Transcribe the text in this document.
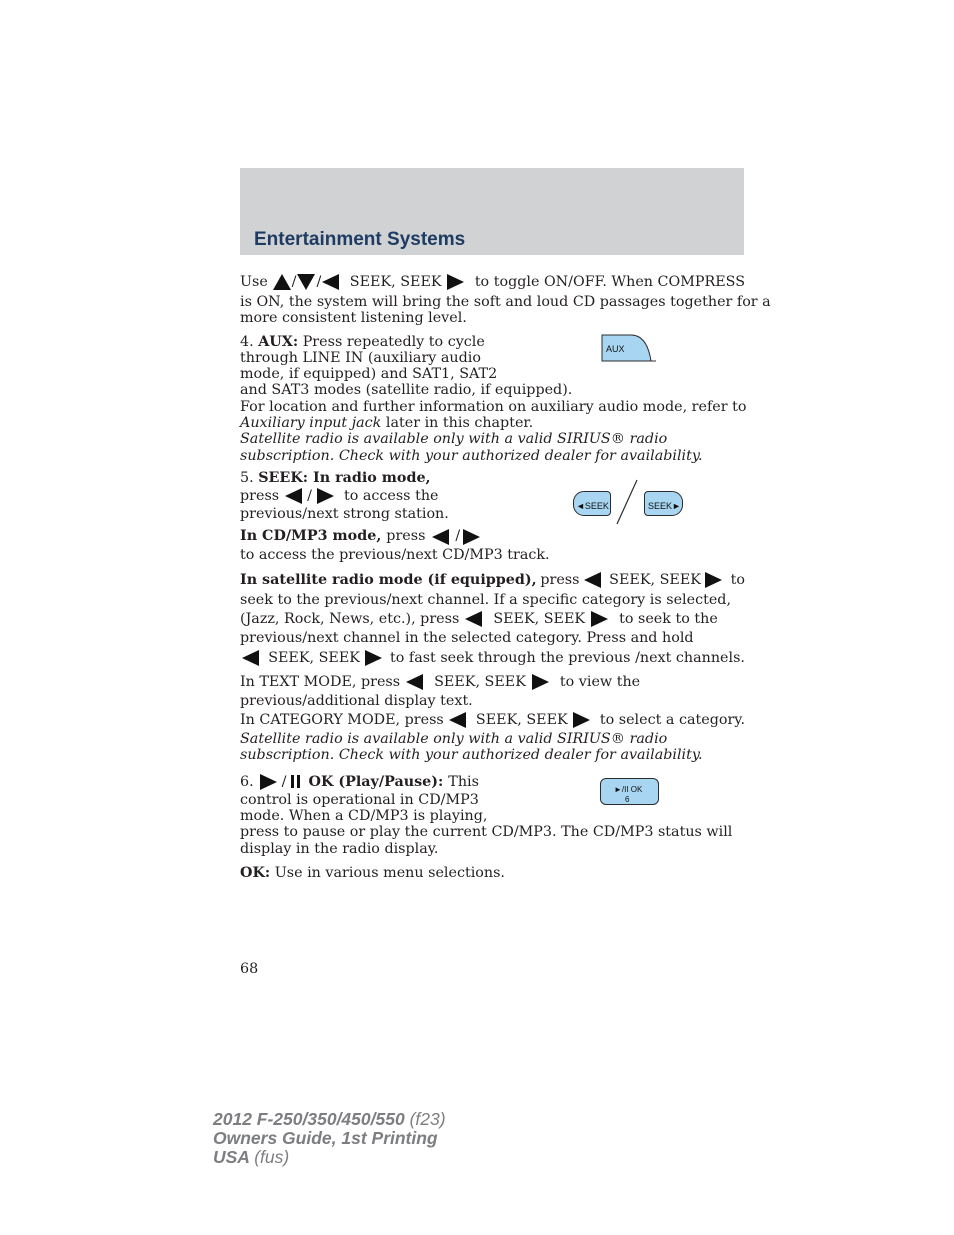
Entertainment Systems
Use / / SEEK, SEEK to toggle ON/OFF. When COMPRESS
is ON, the system will bring the soft and loud CD passages together for a
more consistent listening level.
4. AUX: Press repeatedly to cycle
through LINE IN (auxiliary audio
mode, if equipped) and SAT1, SAT2
and SAT3 modes (satellite radio, if equipped).
For location and further information on auxiliary audio mode, refer to
Auxiliary input jack later in this chapter.
Satellite radio is available only with a valid SIRIUS® radio
subscription. Check with your authorized dealer for availability.
AUX
5. SEEK: In radio mode,
press / to access the
previous/next strong station.
◄SEEK	SEEK►
In CD/MP3 mode, press /
to access the previous/next CD/MP3 track.
In satellite radio mode (if equipped), press SEEK, SEEK to
seek to the previous/next channel. If a specific category is selected,
(Jazz, Rock, News, etc.), press SEEK, SEEK to seek to the
previous/next channel in the selected category. Press and hold
SEEK, SEEK to fast seek through the previous /next channels.
In TEXT MODE, press SEEK, SEEK to view the
previous/additional display text.
In CATEGORY MODE, press SEEK, SEEK to select a category.
Satellite radio is available only with a valid SIRIUS® radio
subscription. Check with your authorized dealer for availability.
6. / OK (Play/Pause): This
control is operational in CD/MP3
mode. When a CD/MP3 is playing,
press to pause or play the current CD/MP3. The CD/MP3 status will
display in the radio display.
►/II OK
6
OK: Use in various menu selections.
68
2012 F-250/350/450/550 (f23)
Owners Guide, 1st Printing
USA (fus)
